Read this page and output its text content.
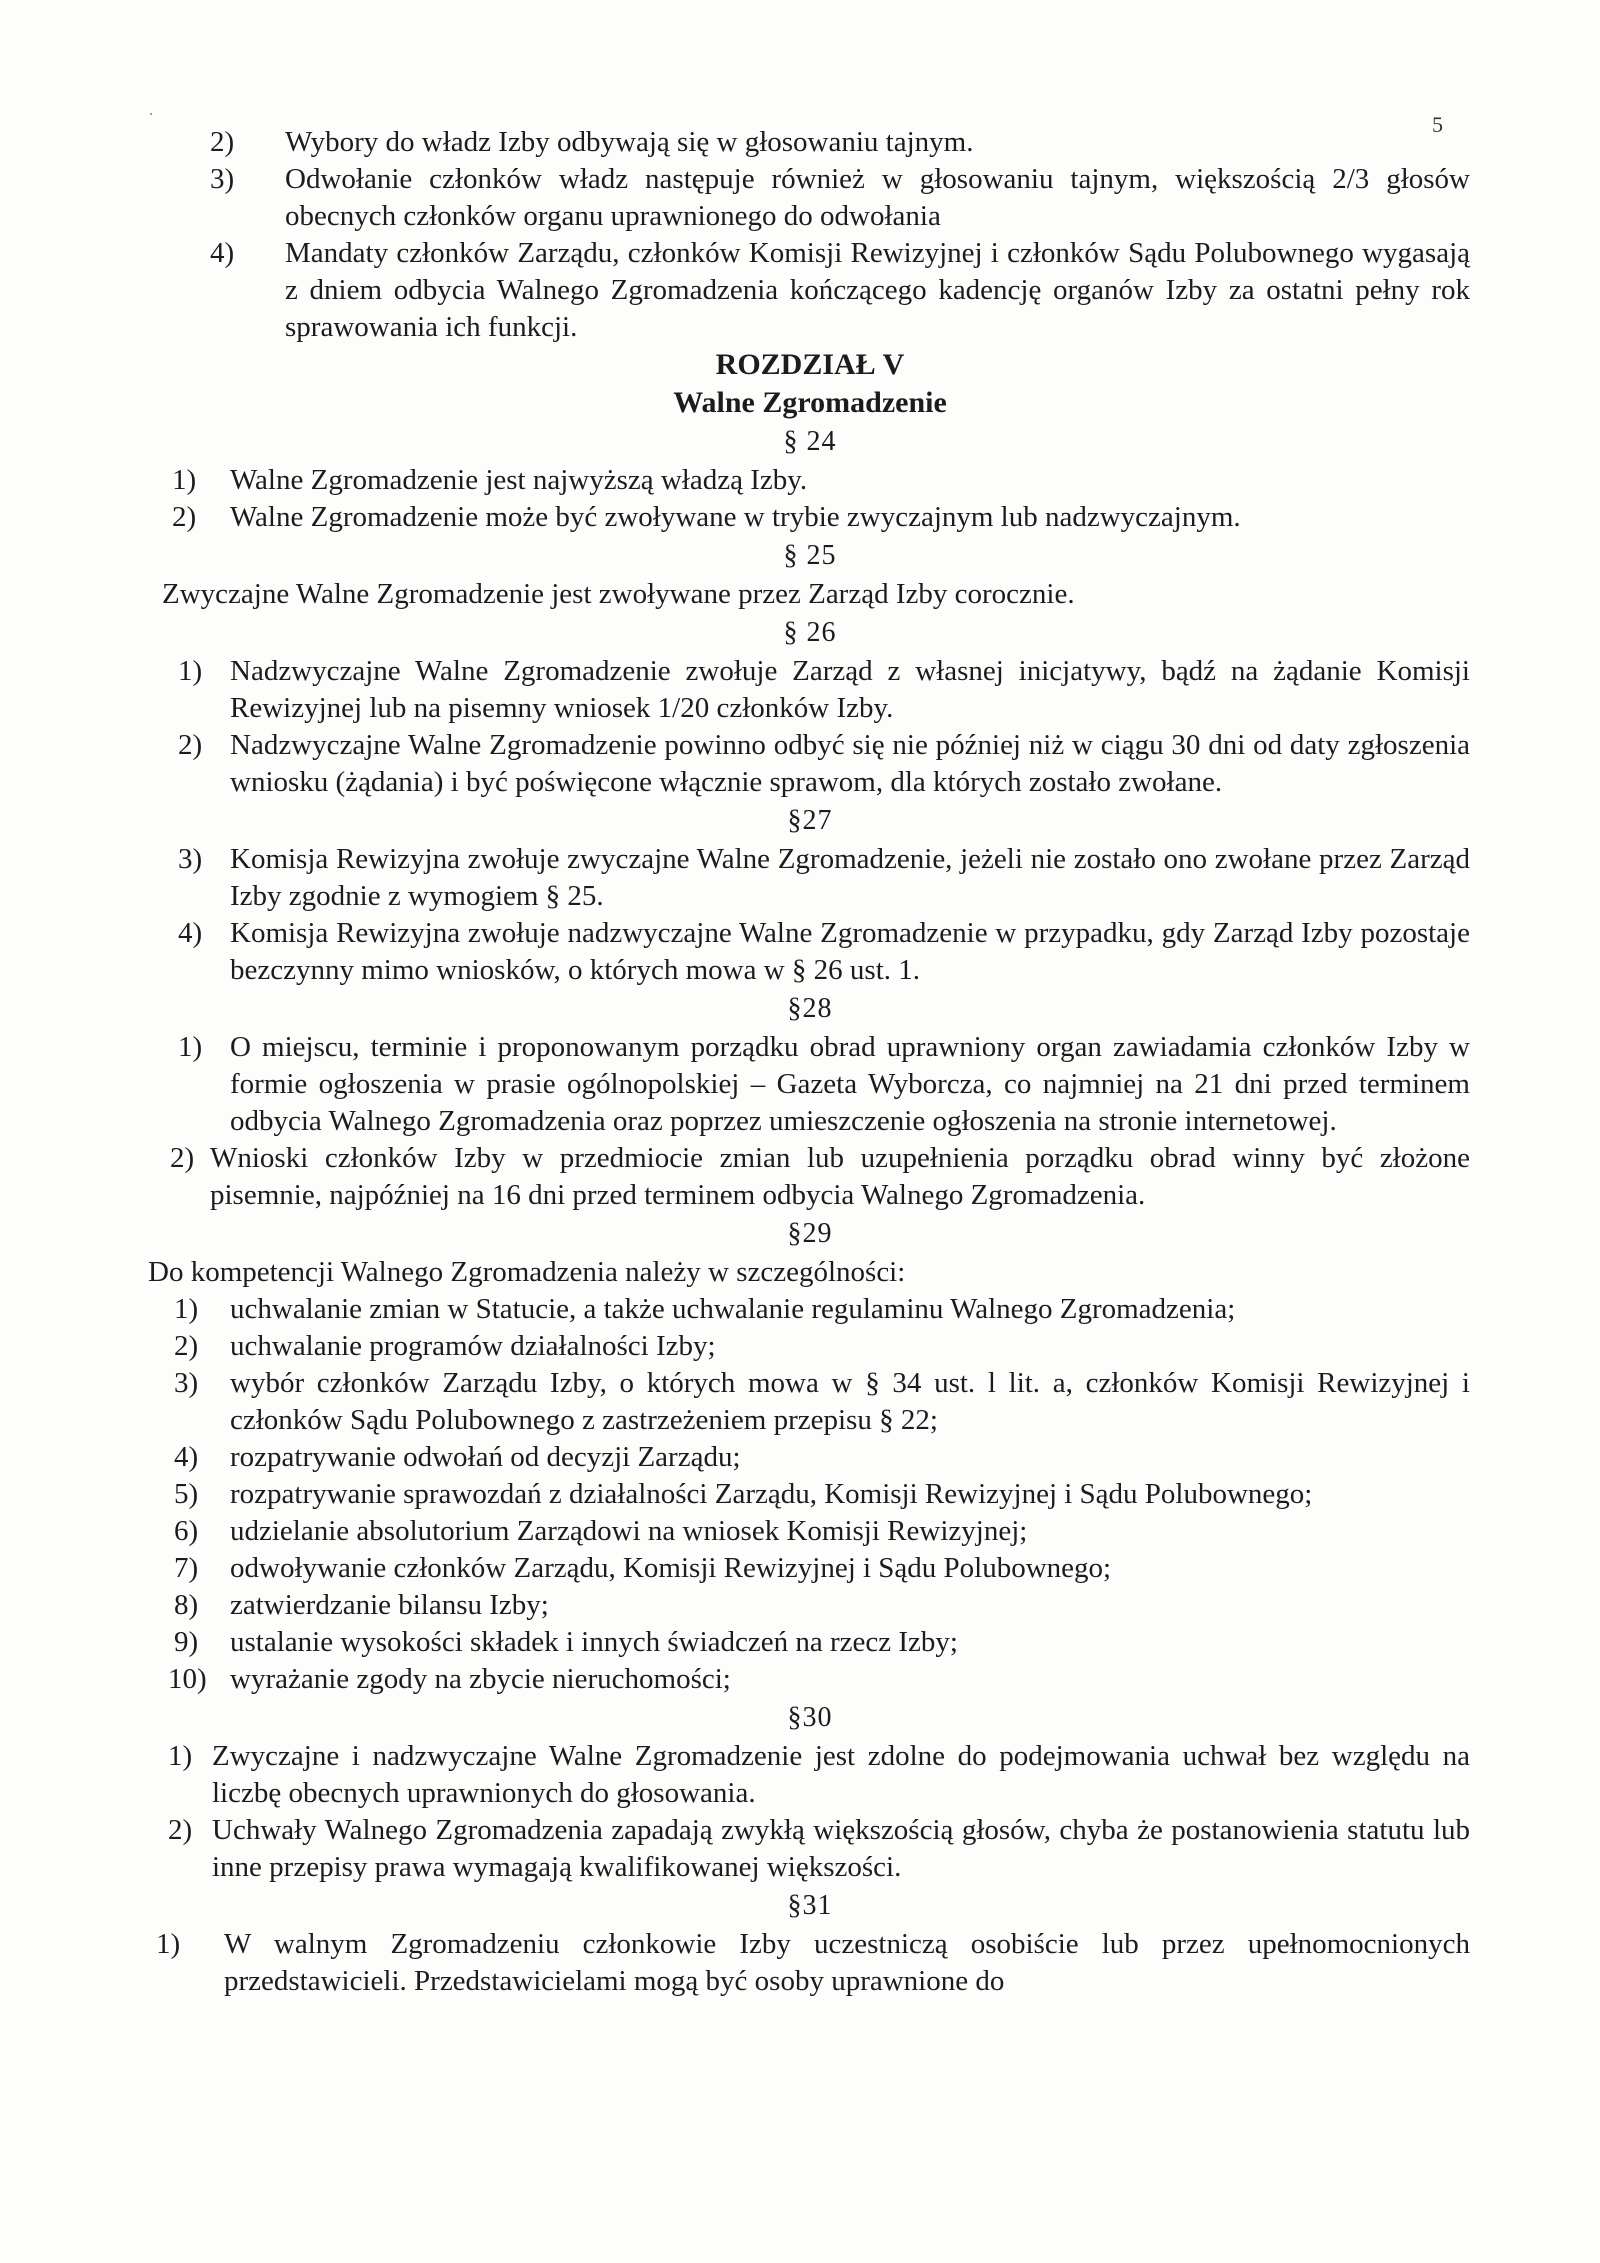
·	5
2)	Wybory do władz Izby odbywają się w głosowaniu tajnym.
3)	Odwołanie członków władz następuje również w głosowaniu tajnym, większością 2/3 głosów obecnych członków organu uprawnionego do odwołania
4)	Mandaty członków Zarządu, członków Komisji Rewizyjnej i członków Sądu Polubownego wygasają z dniem odbycia Walnego Zgromadzenia kończącego kadencję organów Izby za ostatni pełny rok sprawowania ich funkcji.
ROZDZIAŁ V
Walne Zgromadzenie
§ 24
1)	Walne Zgromadzenie jest najwyższą władzą Izby.
2)	Walne Zgromadzenie może być zwoływane w trybie zwyczajnym lub nadzwyczajnym.
§ 25
Zwyczajne Walne Zgromadzenie jest zwoływane przez Zarząd Izby corocznie.
§ 26
1) Nadzwyczajne Walne Zgromadzenie zwołuje Zarząd z własnej inicjatywy, bądź na żądanie Komisji Rewizyjnej lub na pisemny wniosek 1/20 członków Izby.
2) Nadzwyczajne Walne Zgromadzenie powinno odbyć się nie później niż w ciągu 30 dni od daty zgłoszenia wniosku (żądania) i być poświęcone włącznie sprawom, dla których zostało zwołane.
§27
3) Komisja Rewizyjna zwołuje zwyczajne Walne Zgromadzenie, jeżeli nie zostało ono zwołane przez Zarząd Izby zgodnie z wymogiem § 25.
4) Komisja Rewizyjna zwołuje nadzwyczajne Walne Zgromadzenie w przypadku, gdy Zarząd Izby pozostaje bezczynny mimo wniosków, o których mowa w § 26 ust. 1.
§28
1) O miejscu, terminie i proponowanym porządku obrad uprawniony organ zawiadamia członków Izby w formie ogłoszenia w prasie ogólnopolskiej – Gazeta Wyborcza, co najmniej na 21 dni przed terminem odbycia Walnego Zgromadzenia oraz poprzez umieszczenie ogłoszenia na stronie internetowej.
2) Wnioski członków Izby w przedmiocie zmian lub uzupełnienia porządku obrad winny być złożone pisemnie, najpóźniej na 16 dni przed terminem odbycia Walnego Zgromadzenia.
§29
Do kompetencji Walnego Zgromadzenia należy w szczególności:
1)	uchwalanie zmian w Statucie, a także uchwalanie regulaminu Walnego Zgromadzenia;
2)	uchwalanie programów działalności Izby;
3)	wybór członków Zarządu Izby, o których mowa w § 34 ust. l lit. a, członków Komisji Rewizyjnej i członków Sądu Polubownego z zastrzeżeniem przepisu § 22;
4)	rozpatrywanie odwołań od decyzji Zarządu;
5)	rozpatrywanie sprawozdań z działalności Zarządu, Komisji Rewizyjnej i Sądu Polubownego;
6)	udzielanie absolutorium Zarządowi na wniosek Komisji Rewizyjnej;
7)	odwoływanie członków Zarządu, Komisji Rewizyjnej i Sądu Polubownego;
8)	zatwierdzanie bilansu Izby;
9)	ustalanie wysokości składek i innych świadczeń na rzecz Izby;
10) wyrażanie zgody na zbycie nieruchomości;
§30
1) Zwyczajne i nadzwyczajne Walne Zgromadzenie jest zdolne do podejmowania uchwał bez względu na liczbę obecnych uprawnionych do głosowania.
2) Uchwały Walnego Zgromadzenia zapadają zwykłą większością głosów, chyba że postanowienia statutu lub inne przepisy prawa wymagają kwalifikowanej większości.
§31
1)	W walnym Zgromadzeniu członkowie Izby uczestniczą osobiście lub przez upełnomocnionych przedstawicieli. Przedstawicielami mogą być osoby uprawnione do
